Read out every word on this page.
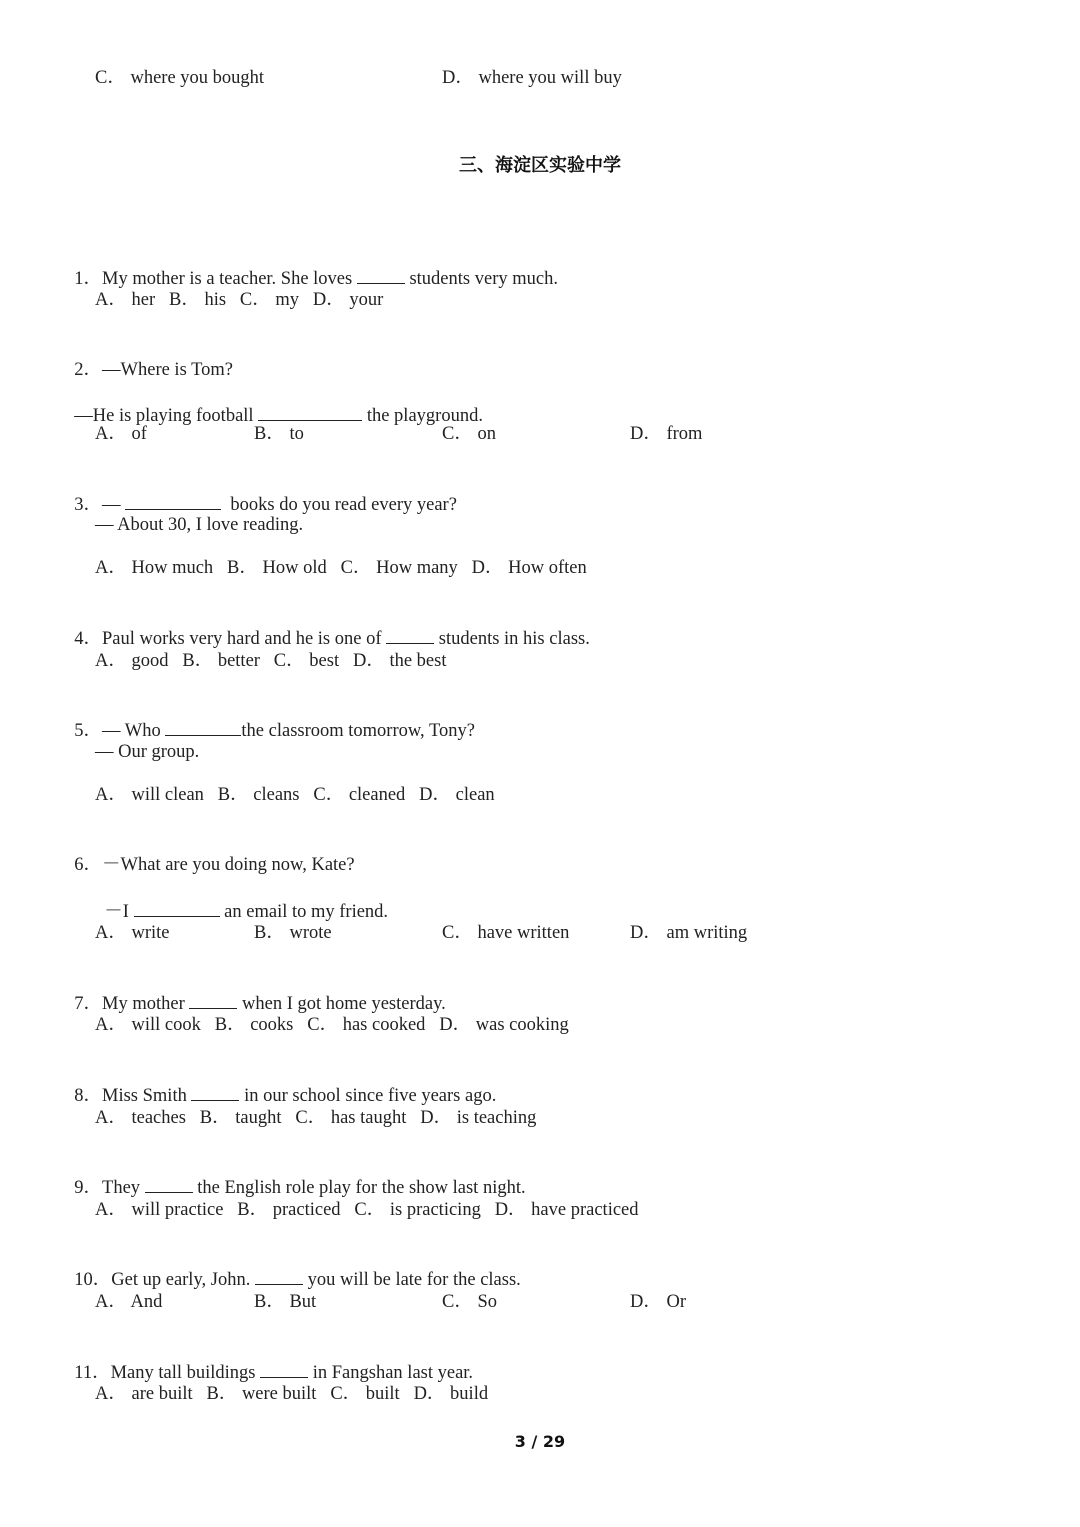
C． where you bought	D． where you will buy
三、海淀区实验中学

1．My mother is a teacher. She loves	students very much.

A． her   B． his   C． my   D． your

2．—Where is Tom?

—He is playing football	the playground.

A． of	B． to	C． on	D． from

3．—	books do you read every year?

— About 30, I love reading.
A． How much   B． How old   C． How many   D． How often

4．Paul works very hard and he is one of	students in his class.

A． good   B． better   C． best   D． the best

5．— Who	the classroom tomorrow, Tony?

— Our group.
A． will clean   B． cleans   C． cleaned   D． clean

6．－What are you doing now, Kate?

－I	an email to my friend.

A． write	B． wrote	C． have written	D． am writing

7．My mother	when I got home yesterday.

A． will cook   B． cooks   C． has cooked   D． was cooking

8．Miss Smith	in our school since five years ago.

A． teaches   B． taught   C． has taught   D． is teaching

9．They	the English role play for the show last night.

A． will practice   B． practiced   C． is practicing   D． have practiced

10．Get up early, John.	you will be late for the class.

A． And	B． But	C． So	D． Or

11．Many tall buildings	in Fangshan last year.

A． are built   B． were built   C． built   D． build
3 / 29
